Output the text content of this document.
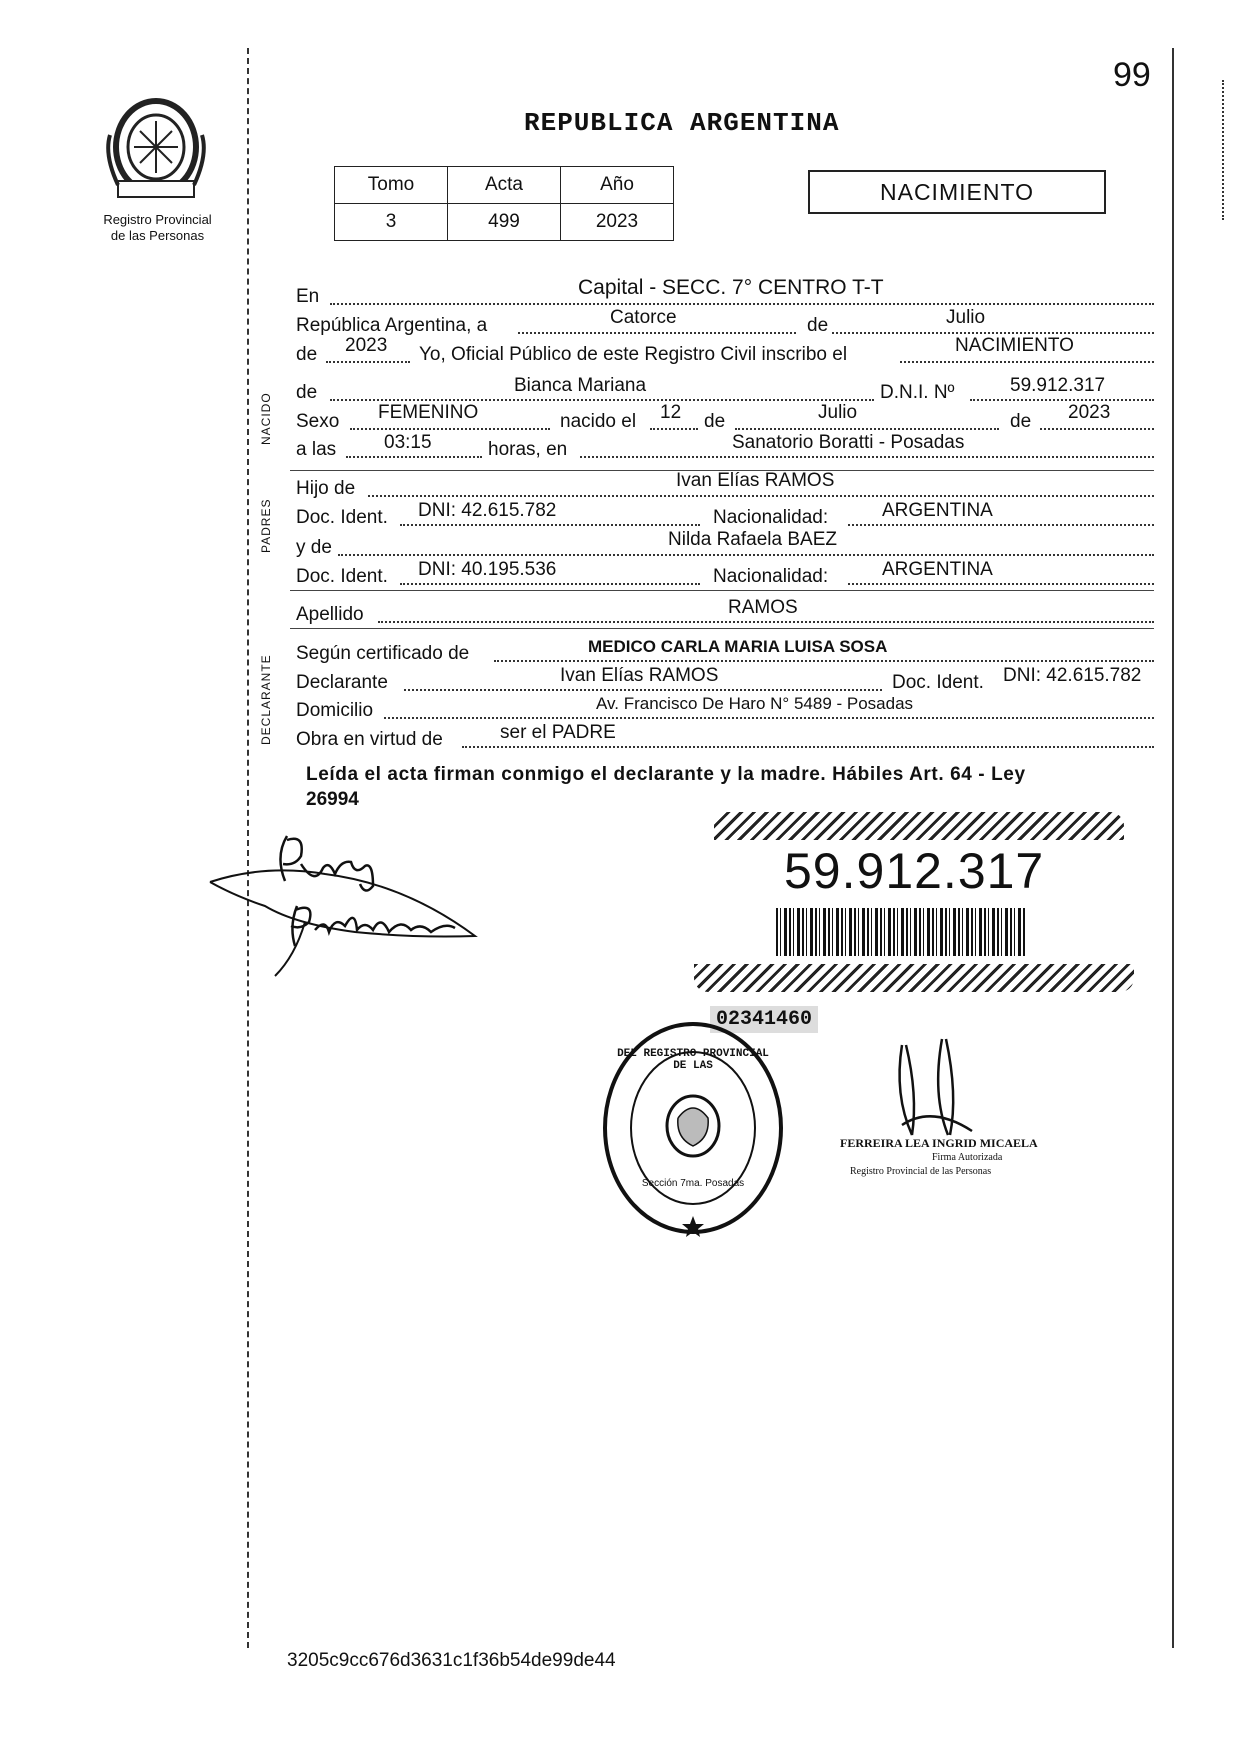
99
Registro Provincial
de las Personas
REPUBLICA ARGENTINA
Tomo	Acta	Año
3	499	2023
NACIMIENTO
NACIDO
PADRES
DECLARANTE
En	Capital - SECC. 7° CENTRO T-T
República Argentina, a	Catorce	de	Julio
de 2023 Yo, Oficial Público de este Registro Civil inscribo el	NACIMIENTO
de	Bianca Mariana	D.N.I. Nº	59.912.317
Sexo FEMENINO	nacido el 12 de	Julio	de 2023
a las	03:15	horas, en	Sanatorio Boratti - Posadas
Hijo de	Ivan Elías RAMOS
Doc. Ident. DNI: 42.615.782	Nacionalidad:	ARGENTINA
y de	Nilda Rafaela BAEZ
Doc. Ident. DNI: 40.195.536	Nacionalidad:	ARGENTINA
Apellido	RAMOS
Según certificado de	MEDICO CARLA MARIA LUISA SOSA
Declarante	Ivan Elías RAMOS	Doc. Ident. DNI: 42.615.782
Domicilio	Av. Francisco De Haro N° 5489 - Posadas
Obra en virtud de	ser el PADRE
Leída el acta firman conmigo el declarante y la madre. Hábiles Art. 64 - Ley
26994
59.912.317
02341460
DEL REGISTRO PROVINCIAL DE LAS
Sección 7ma. Posadas
FERREIRA LEA INGRID MICAELA
Firma Autorizada
Registro Provincial de las Personas
3205c9cc676d3631c1f36b54de99de44
